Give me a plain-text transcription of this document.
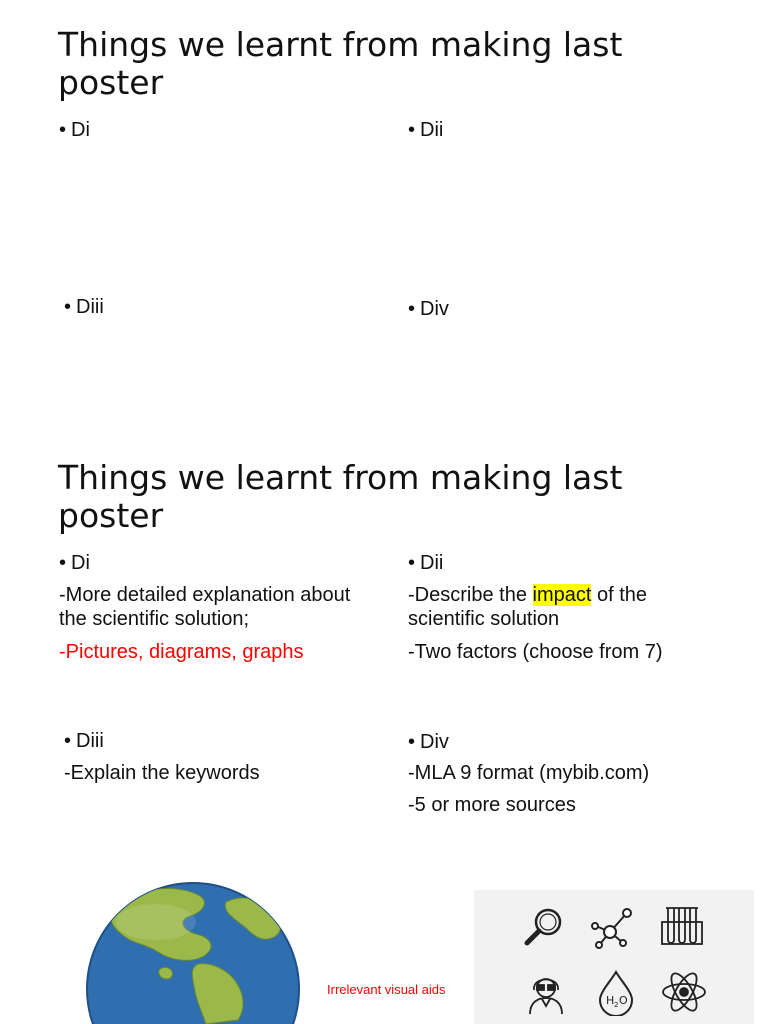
Things we learnt from making last poster
• Di	• Dii
• Diii	• Div
Things we learnt from making last poster
• Di
-More detailed explanation about the scientific solution;
-Pictures, diagrams, graphs
• Dii
-Describe the impact of the scientific solution
-Two factors (choose from 7)
• Diii
-Explain the keywords
• Div
-MLA 9 format (mybib.com)
-5 or more sources
Irrelevant visual aids
H 2 O
